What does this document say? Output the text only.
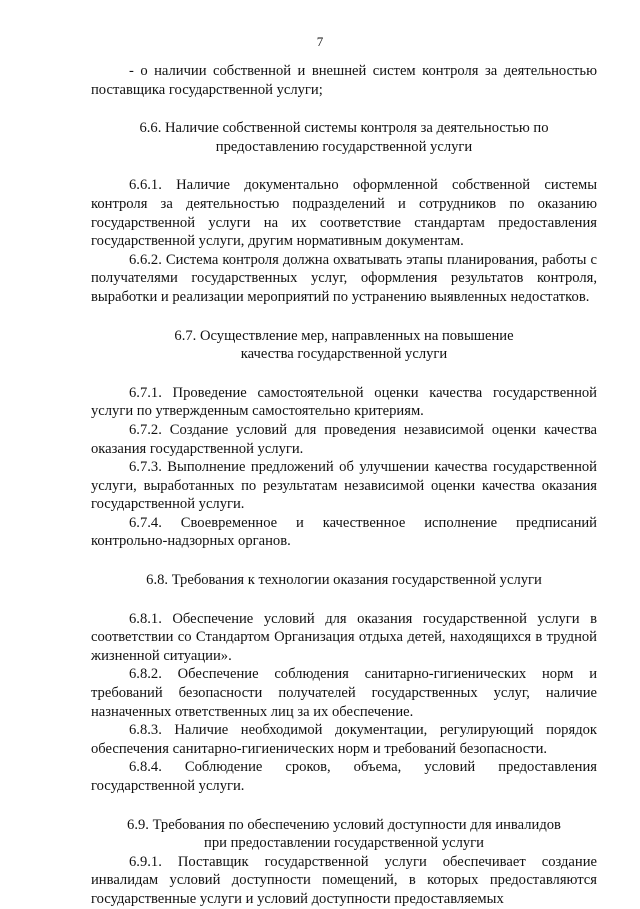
7

- о наличии собственной и внешней систем контроля за деятельностью поставщика государственной услуги;

6.6. Наличие собственной системы контроля за деятельностью по
предоставлению государственной услуги

6.6.1. Наличие документально оформленной собственной системы контроля за деятельностью подразделений и сотрудников по оказанию государственной услуги на их соответствие стандартам предоставления государственной услуги, другим нормативным документам.

6.6.2. Система контроля должна охватывать этапы планирования, работы с получателями государственных услуг, оформления результатов контроля, выработки и реализации мероприятий по устранению выявленных недостатков.

6.7. Осуществление мер, направленных на повышение
качества государственной услуги

6.7.1. Проведение самостоятельной оценки качества государственной услуги по утвержденным самостоятельно критериям.

6.7.2. Создание условий для проведения независимой оценки качества оказания государственной услуги.

6.7.3. Выполнение предложений об улучшении качества государственной услуги, выработанных по результатам независимой оценки качества оказания государственной услуги.

6.7.4. Своевременное и качественное исполнение предписаний контрольно-надзорных органов.

6.8. Требования к технологии оказания государственной услуги

6.8.1. Обеспечение условий для оказания государственной услуги в соответствии со Стандартом Организация отдыха детей, находящихся в трудной жизненной ситуации».

6.8.2. Обеспечение соблюдения санитарно-гигиенических норм и требований безопасности получателей государственных услуг, наличие назначенных ответственных лиц за их обеспечение.

6.8.3. Наличие необходимой документации, регулирующий порядок обеспечения санитарно-гигиенических норм и требований безопасности.

6.8.4. Соблюдение сроков, объема, условий предоставления государственной услуги.

6.9. Требования по обеспечению условий доступности для инвалидов
при предоставлении государственной услуги

6.9.1. Поставщик государственной услуги обеспечивает создание инвалидам условий доступности помещений, в которых предоставляются государственные услуги и условий доступности предоставляемых
